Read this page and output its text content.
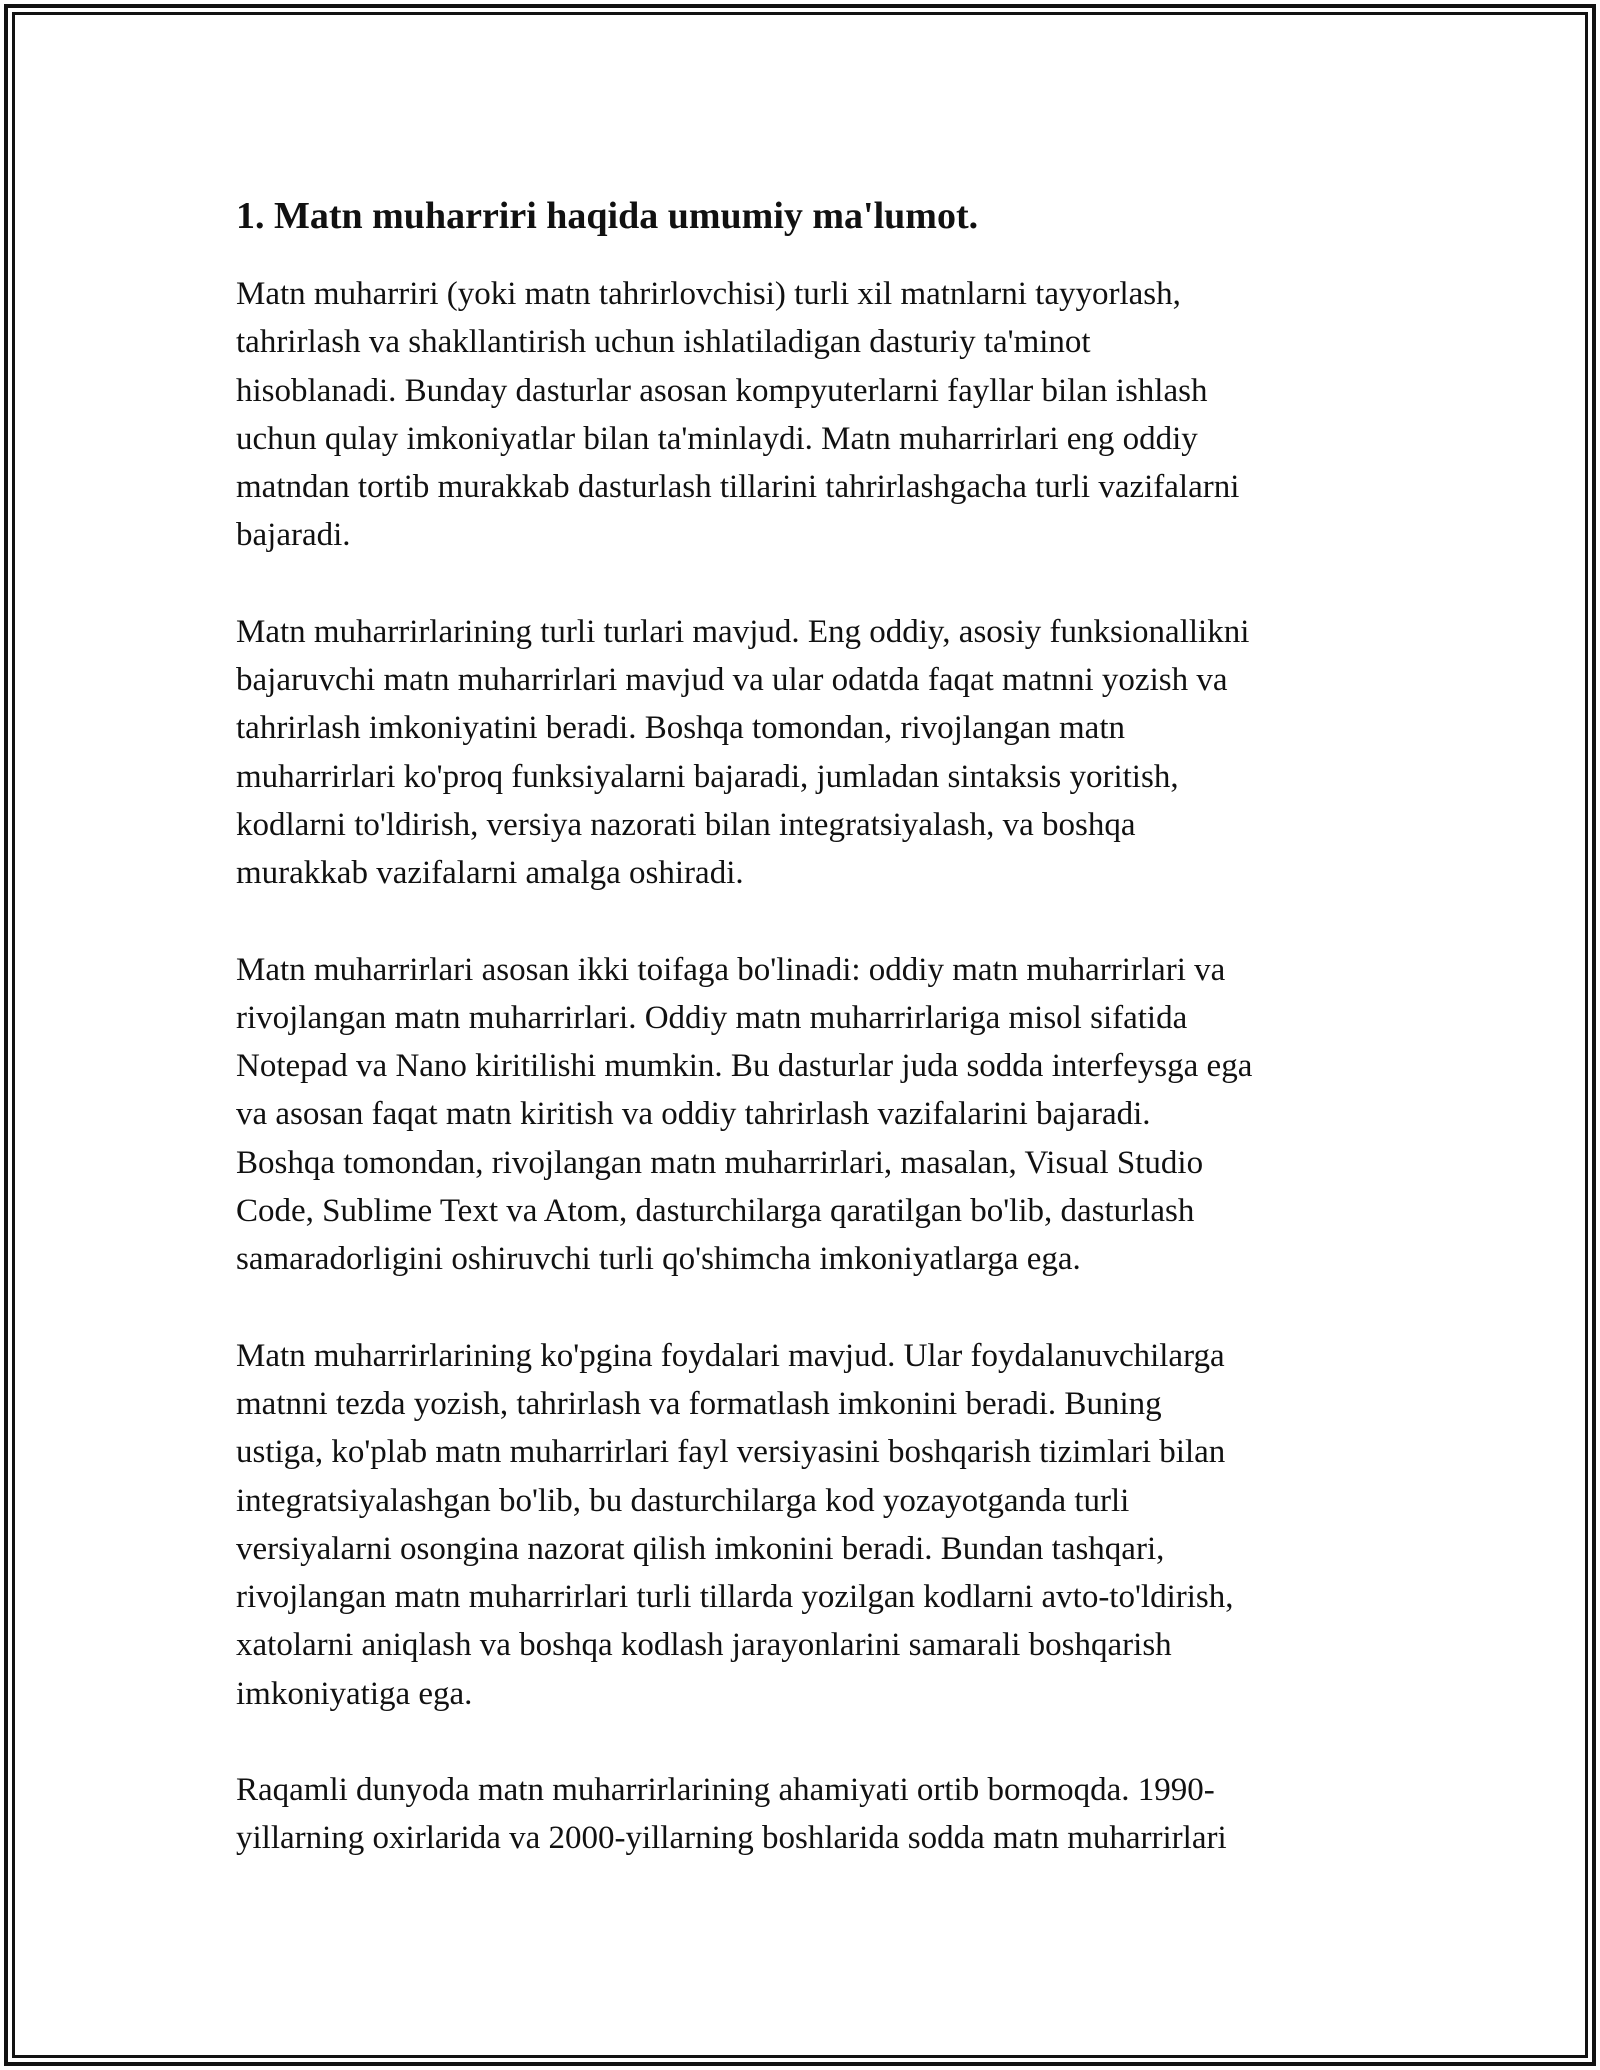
1. Matn muharriri haqida umumiy ma'lumot.

Matn muharriri (yoki matn tahrirlovchisi) turli xil matnlarni tayyorlash,
tahrirlash va shakllantirish uchun ishlatiladigan dasturiy ta'minot
hisoblanadi. Bunday dasturlar asosan kompyuterlarni fayllar bilan ishlash
uchun qulay imkoniyatlar bilan ta'minlaydi. Matn muharrirlari eng oddiy
matndan tortib murakkab dasturlash tillarini tahrirlashgacha turli vazifalarni
bajaradi.

Matn muharrirlarining turli turlari mavjud. Eng oddiy, asosiy funksionallikni
bajaruvchi matn muharrirlari mavjud va ular odatda faqat matnni yozish va
tahrirlash imkoniyatini beradi. Boshqa tomondan, rivojlangan matn
muharrirlari ko'proq funksiyalarni bajaradi, jumladan sintaksis yoritish,
kodlarni to'ldirish, versiya nazorati bilan integratsiyalash, va boshqa
murakkab vazifalarni amalga oshiradi.

Matn muharrirlari asosan ikki toifaga bo'linadi: oddiy matn muharrirlari va
rivojlangan matn muharrirlari. Oddiy matn muharrirlariga misol sifatida
Notepad va Nano kiritilishi mumkin. Bu dasturlar juda sodda interfeysga ega
va asosan faqat matn kiritish va oddiy tahrirlash vazifalarini bajaradi.
Boshqa tomondan, rivojlangan matn muharrirlari, masalan, Visual Studio
Code, Sublime Text va Atom, dasturchilarga qaratilgan bo'lib, dasturlash
samaradorligini oshiruvchi turli qo'shimcha imkoniyatlarga ega.

Matn muharrirlarining ko'pgina foydalari mavjud. Ular foydalanuvchilarga
matnni tezda yozish, tahrirlash va formatlash imkonini beradi. Buning
ustiga, ko'plab matn muharrirlari fayl versiyasini boshqarish tizimlari bilan
integratsiyalashgan bo'lib, bu dasturchilarga kod yozayotganda turli
versiyalarni osongina nazorat qilish imkonini beradi. Bundan tashqari,
rivojlangan matn muharrirlari turli tillarda yozilgan kodlarni avto-to'ldirish,
xatolarni aniqlash va boshqa kodlash jarayonlarini samarali boshqarish
imkoniyatiga ega.

Raqamli dunyoda matn muharrirlarining ahamiyati ortib bormoqda. 1990-
yillarning oxirlarida va 2000-yillarning boshlarida sodda matn muharrirlari
